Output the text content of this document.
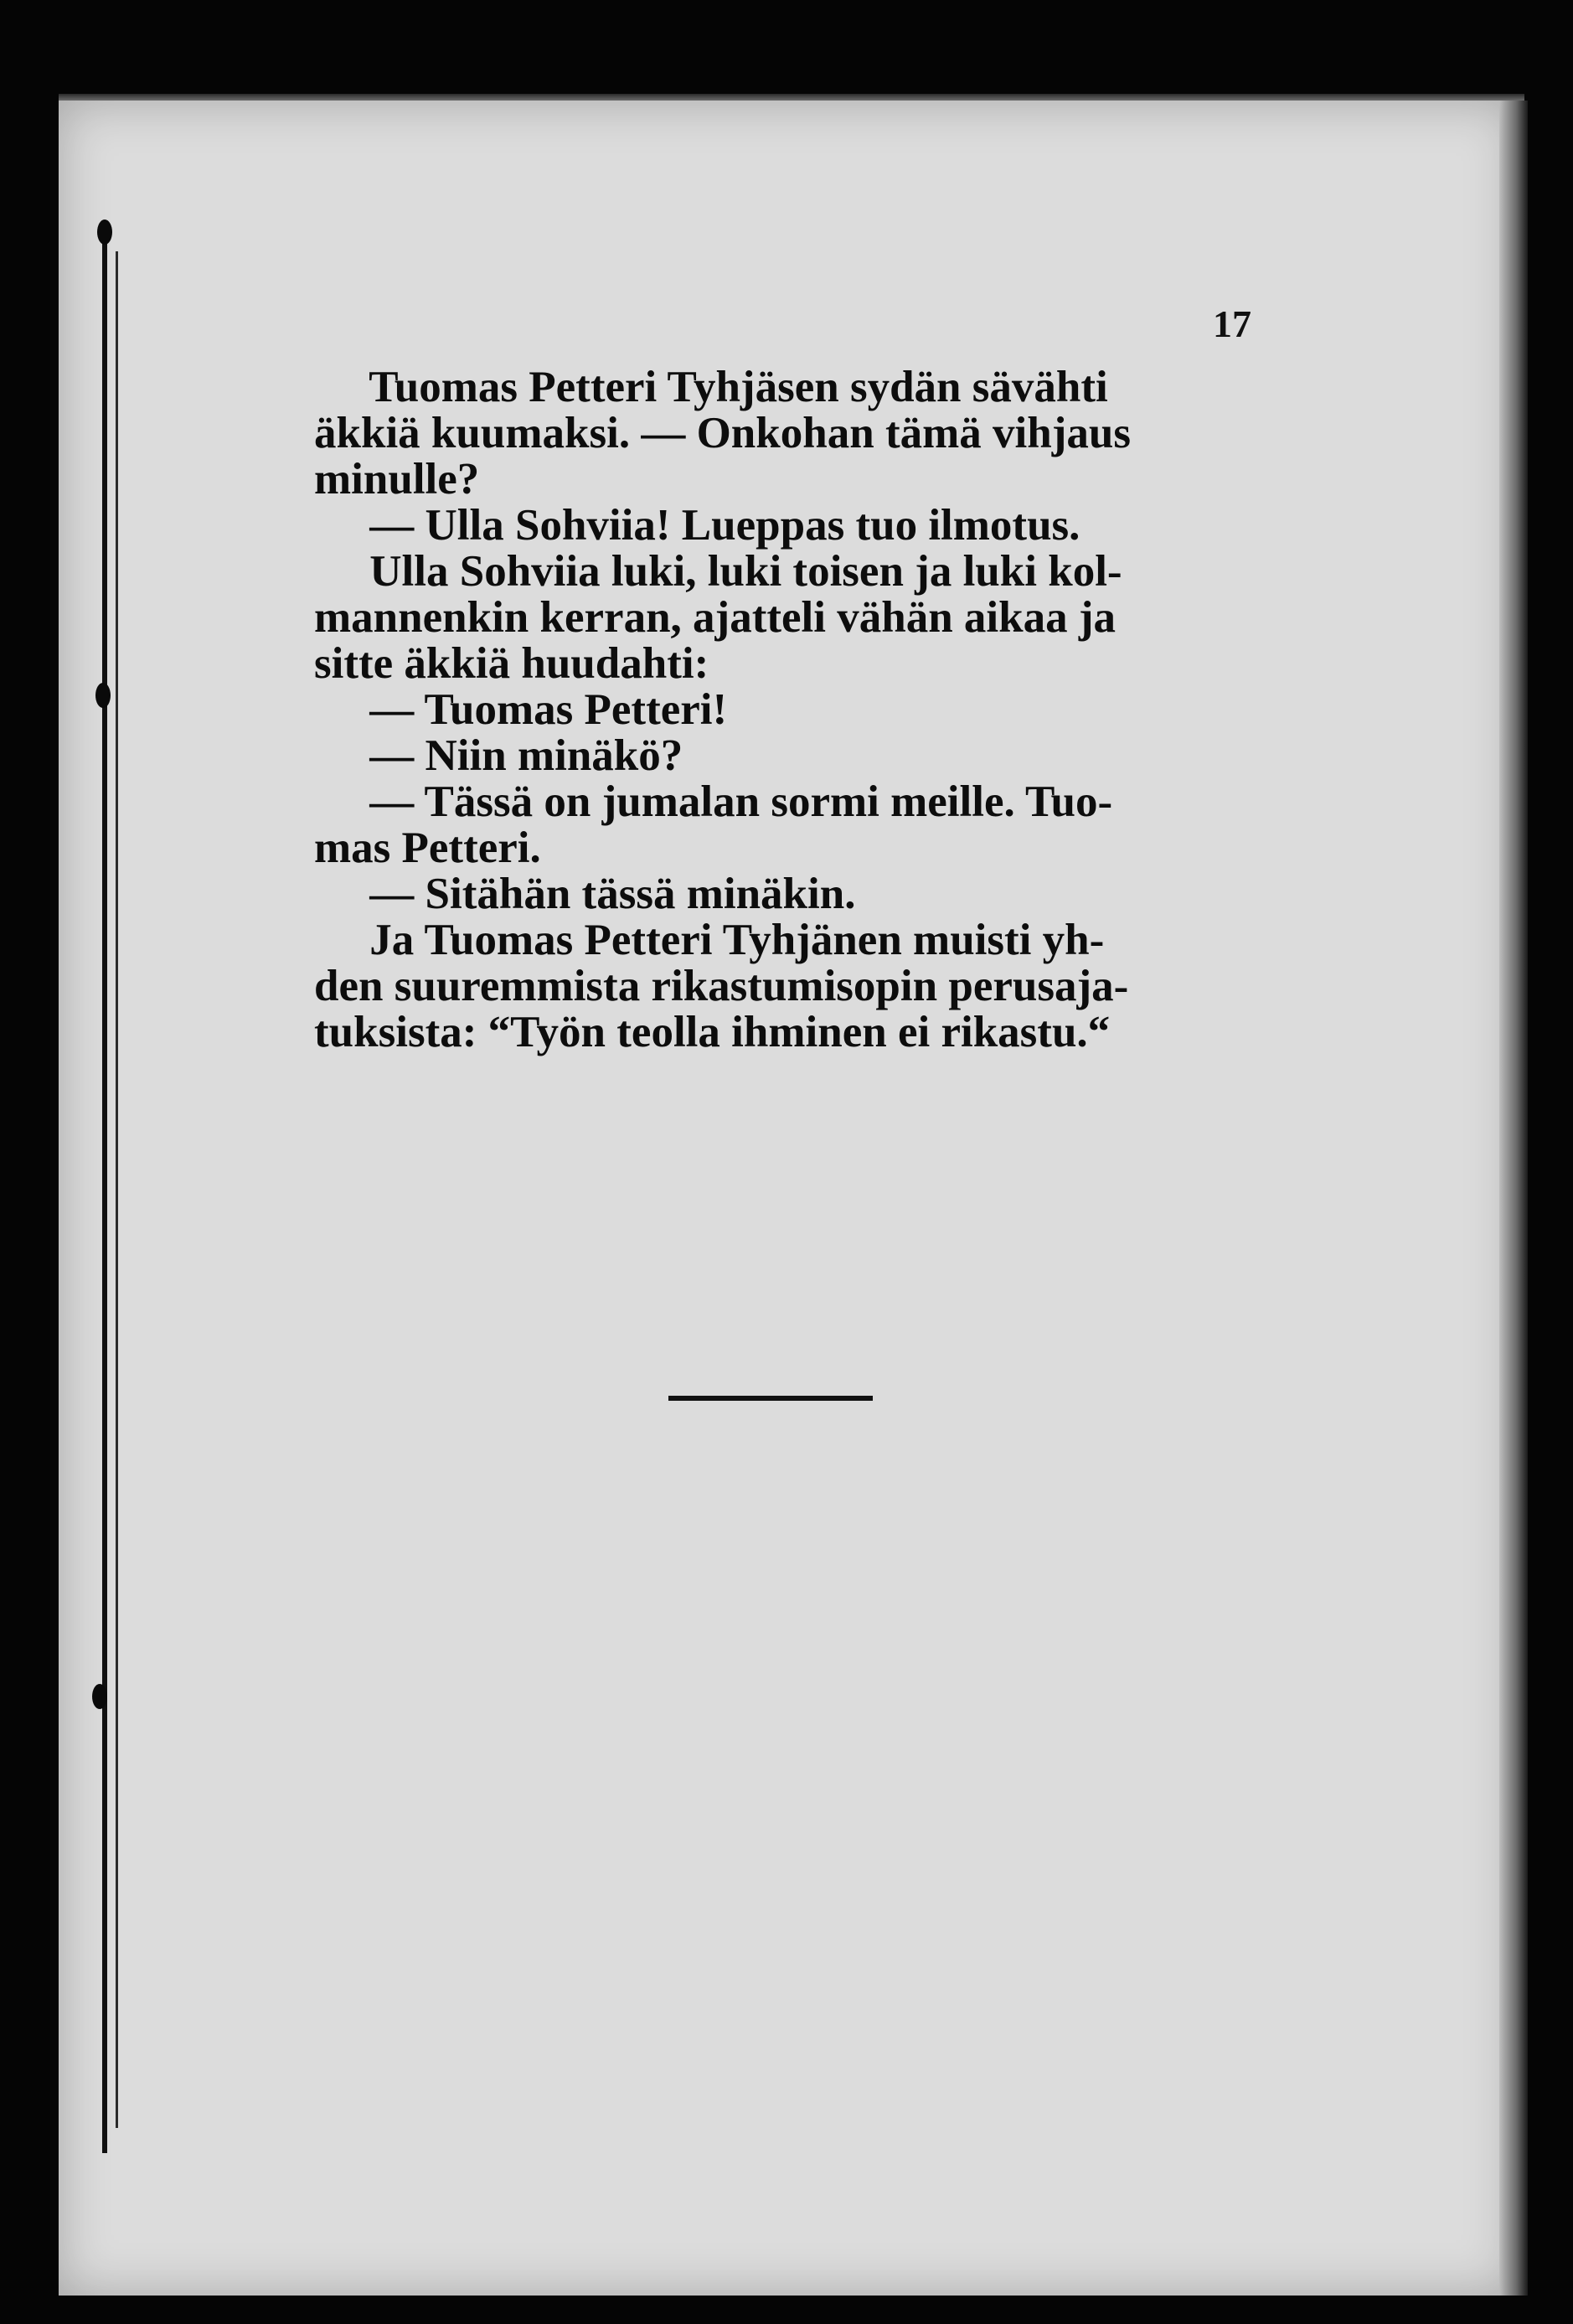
17
Tuomas Petteri Tyhjäsen sydän sävähti
äkkiä kuumaksi. — Onkohan tämä vihjaus
minulle?
— Ulla Sohviia! Lueppas tuo ilmotus.
Ulla Sohviia luki, luki toisen ja luki kol-
mannenkin kerran, ajatteli vähän aikaa ja
sitte äkkiä huudahti:
— Tuomas Petteri!
— Niin minäkö?
— Tässä on jumalan sormi meille. Tuo-
mas Petteri.
— Sitähän tässä minäkin.
Ja Tuomas Petteri Tyhjänen muisti yh-
den suuremmista rikastumisopin perusaja-
tuksista: “Työn teolla ihminen ei rikastu.“
